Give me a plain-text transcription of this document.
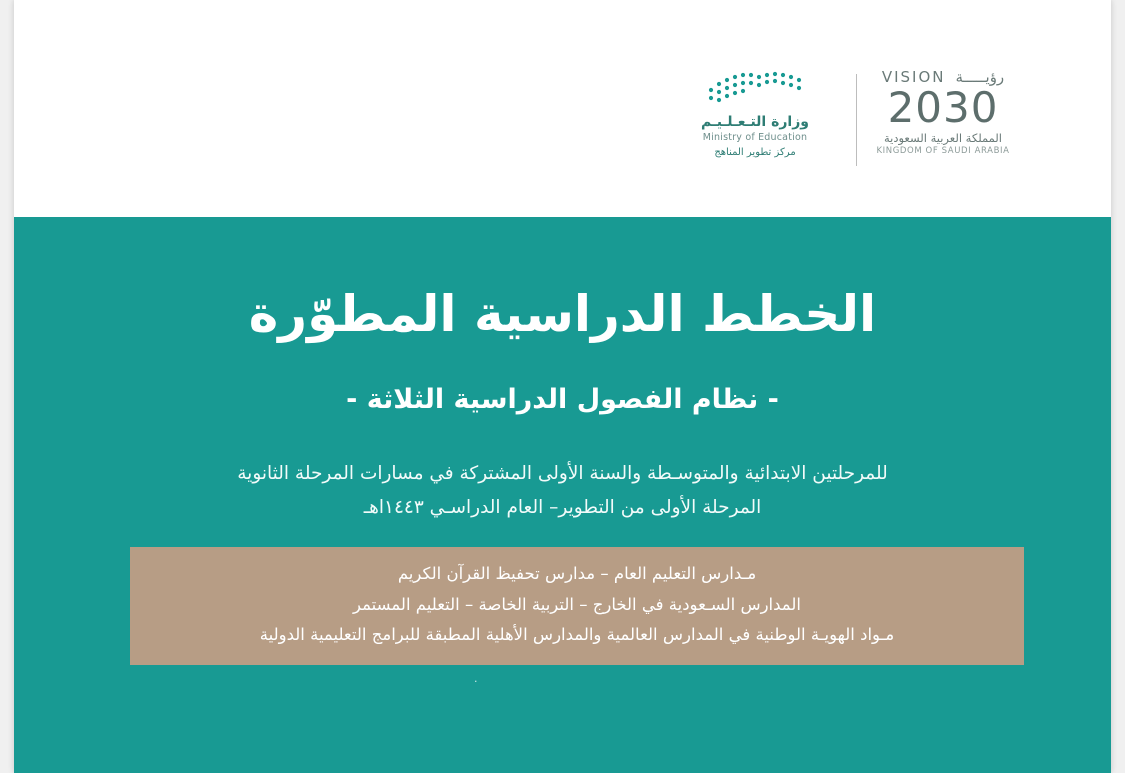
رؤيـــــة
VISION
2030
المملكة العربية السعودية
KINGDOM OF SAUDI ARABIA
وزارة التـعـلـيـم
Ministry of Education
مركز تطوير المناهج
الخطط الدراسية المطوّرة
- نظام الفصول الدراسية الثلاثة -
للمرحلتين الابتدائية والمتوسـطة والسنة الأولى المشتركة في مسارات المرحلة الثانوية
المرحلة الأولى من التطوير– العام الدراسـي ١٤٤٣اهـ
مـدارس التعليم العام – مدارس تحفيظ القرآن الكريم
المدارس السـعودية في الخارج – التربية الخاصة – التعليم المستمر
مـواد الهويـة الوطنية في المدارس العالمية والمدارس الأهلية المطبقة للبرامج التعليمية الدولية
.
